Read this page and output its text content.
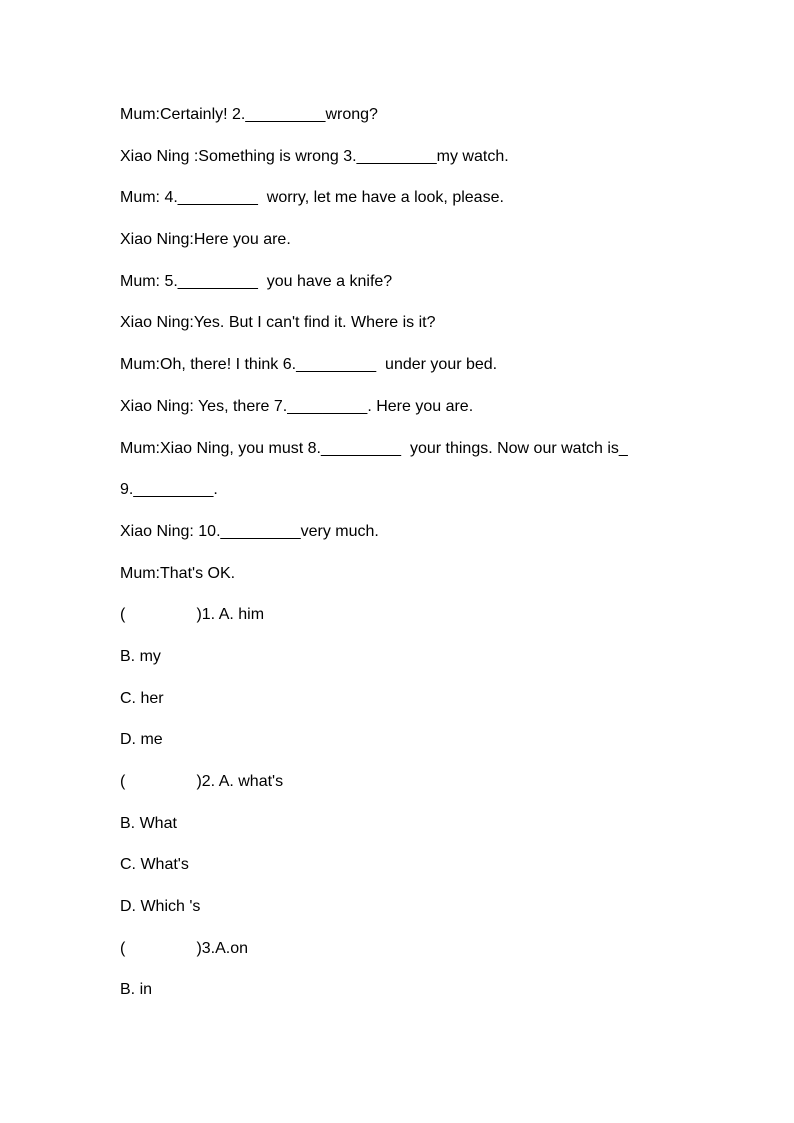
Mum:Certainly! 2._________wrong?
Xiao Ning :Something is wrong 3._________my watch.
Mum: 4._________  worry, let me have a look, please.
Xiao Ning:Here you are.
Mum: 5._________  you have a knife?
Xiao Ning:Yes. But I can't find it. Where is it?
Mum:Oh, there! I think 6._________  under your bed.
Xiao Ning: Yes, there 7._________. Here you are.
Mum:Xiao Ning, you must 8._________  your things. Now our watch is_
9._________.
Xiao Ning: 10._________very much.
Mum:That's OK.
(                )1. A. him
B. my
C. her
D. me
(                )2. A. what's
B. What
C. What's
D. Which 's
(                )3.A.on
B. in
